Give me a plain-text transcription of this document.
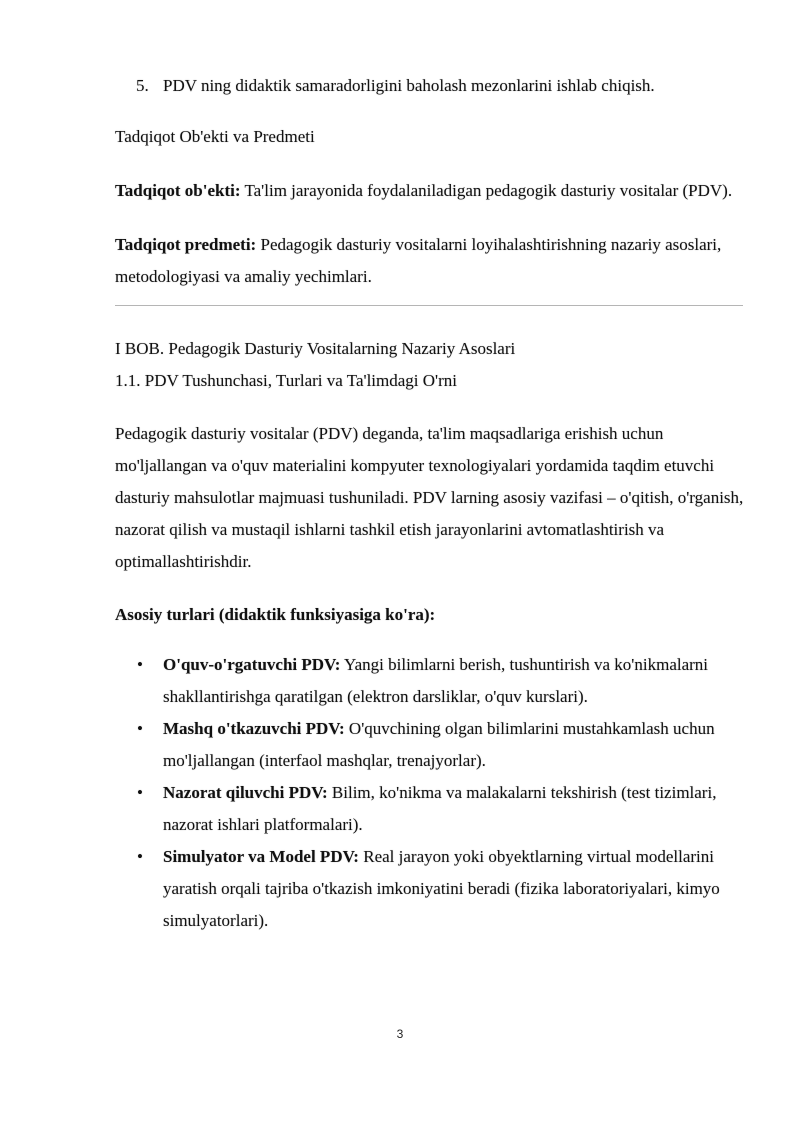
5. PDV ning didaktik samaradorligini baholash mezonlarini ishlab chiqish.

Tadqiqot Ob'ekti va Predmeti

Tadqiqot ob'ekti: Ta'lim jarayonida foydalaniladigan pedagogik dasturiy vositalar (PDV).

Tadqiqot predmeti: Pedagogik dasturiy vositalarni loyihalashtirishning nazariy asoslari, metodologiyasi va amaliy yechimlari.

I BOB. Pedagogik Dasturiy Vositalarning Nazariy Asoslari

1.1. PDV Tushunchasi, Turlari va Ta'limdagi O'rni

Pedagogik dasturiy vositalar (PDV) deganda, ta'lim maqsadlariga erishish uchun mo'ljallangan va o'quv materialini kompyuter texnologiyalari yordamida taqdim etuvchi dasturiy mahsulotlar majmuasi tushuniladi. PDV larning asosiy vazifasi – o'qitish, o'rganish, nazorat qilish va mustaqil ishlarni tashkil etish jarayonlarini avtomatlashtirish va optimallashtirishdir.

Asosiy turlari (didaktik funksiyasiga ko'ra):

• O'quv-o'rgatuvchi PDV: Yangi bilimlarni berish, tushuntirish va ko'nikmalarni shakllantirishga qaratilgan (elektron darsliklar, o'quv kurslari).
• Mashq o'tkazuvchi PDV: O'quvchining olgan bilimlarini mustahkamlash uchun mo'ljallangan (interfaol mashqlar, trenajyorlar).
• Nazorat qiluvchi PDV: Bilim, ko'nikma va malakalarni tekshirish (test tizimlari, nazorat ishlari platformalari).
• Simulyator va Model PDV: Real jarayon yoki obyektlarning virtual modellarini yaratish orqali tajriba o'tkazish imkoniyatini beradi (fizika laboratoriyalari, kimyo simulyatorlari).
3
